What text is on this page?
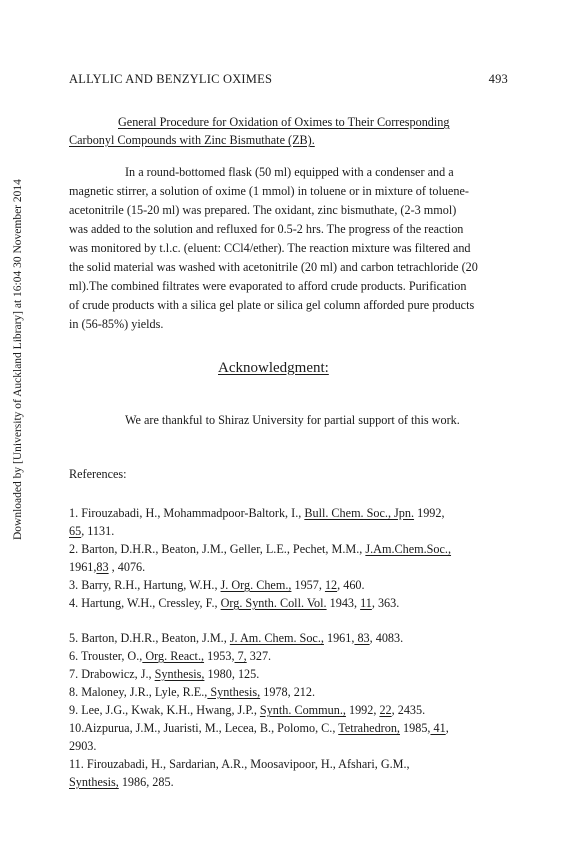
ALLYLIC AND BENZYLIC OXIMES	493
Downloaded by [University of Auckland Library] at 16:04 30 November 2014
General Procedure for Oxidation of Oximes to Their Corresponding
Carbonyl Compounds with Zinc Bismuthate (ZB).
In a round-bottomed flask (50 ml) equipped with a condenser and a
magnetic stirrer, a solution of oxime (1 mmol) in toluene or in mixture of toluene-
acetonitrile (15-20 ml) was prepared. The oxidant, zinc bismuthate, (2-3 mmol)
was added to the solution and refluxed for 0.5-2 hrs. The progress of the reaction
was monitored by t.l.c. (eluent: CCl4/ether). The reaction mixture was filtered and
the solid material was washed with acetonitrile (20 ml) and carbon tetrachloride (20
ml).The combined filtrates were evaporated to afford crude products. Purification
of crude products with a silica gel plate or silica gel column afforded pure products
in (56-85%) yields.
Acknowledgment:
We are thankful to Shiraz University for partial support of this work.
References:
1. Firouzabadi, H., Mohammadpoor-Baltork, I., Bull. Chem. Soc., Jpn. 1992,
65, 1131.
2. Barton, D.H.R., Beaton, J.M., Geller, L.E., Pechet, M.M., J.Am.Chem.Soc.,
1961,83 , 4076.
3. Barry, R.H., Hartung, W.H., J. Org. Chem., 1957, 12, 460.
4. Hartung, W.H., Cressley, F., Org. Synth. Coll. Vol. 1943, 11, 363.
5. Barton, D.H.R., Beaton, J.M., J. Am. Chem. Soc., 1961, 83, 4083.
6. Trouster, O., Org. React., 1953, 7, 327.
7. Drabowicz, J., Synthesis, 1980, 125.
8. Maloney, J.R., Lyle, R.E., Synthesis, 1978, 212.
9. Lee, J.G., Kwak, K.H., Hwang, J.P., Synth. Commun., 1992, 22, 2435.
10.Aizpurua, J.M., Juaristi, M., Lecea, B., Polomo, C., Tetrahedron, 1985, 41,
2903.
11. Firouzabadi, H., Sardarian, A.R., Moosavipoor, H., Afshari, G.M.,
Synthesis, 1986, 285.
